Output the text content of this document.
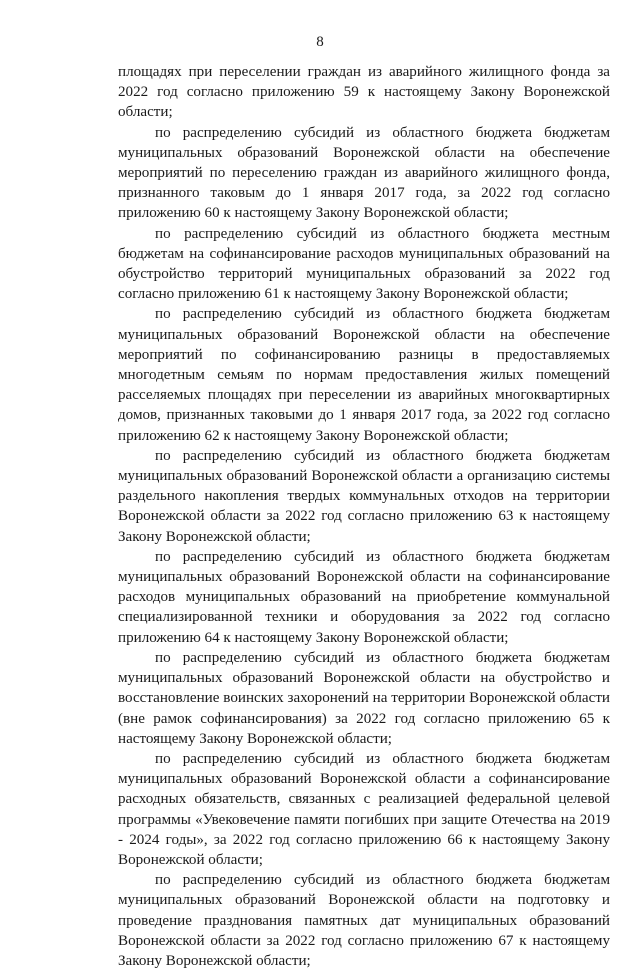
8

площадях при переселении граждан из аварийного жилищного фонда за 2022 год согласно приложению 59 к настоящему Закону Воронежской области;

по распределению субсидий из областного бюджета бюджетам муниципальных образований Воронежской области на обеспечение мероприятий по переселению граждан из аварийного жилищного фонда, признанного таковым до 1 января 2017 года, за 2022 год согласно приложению 60 к настоящему Закону Воронежской области;

по распределению субсидий из областного бюджета местным бюджетам на софинансирование расходов муниципальных образований на обустройство территорий муниципальных образований за 2022 год согласно приложению 61 к настоящему Закону Воронежской области;

по распределению субсидий из областного бюджета бюджетам муниципальных образований Воронежской области на обеспечение мероприятий по софинансированию разницы в предоставляемых многодетным семьям по нормам предоставления жилых помещений расселяемых площадях при переселении из аварийных многоквартирных домов, признанных таковыми до 1 января 2017 года, за 2022 год согласно приложению 62 к настоящему Закону Воронежской области;

по распределению субсидий из областного бюджета бюджетам муниципальных образований Воронежской области а организацию системы раздельного накопления твердых коммунальных отходов на территории Воронежской области за 2022 год согласно приложению 63 к настоящему Закону Воронежской области;

по распределению субсидий из областного бюджета бюджетам муниципальных образований Воронежской области на софинансирование расходов муниципальных образований на приобретение коммунальной специализированной техники и оборудования за 2022 год согласно приложению 64 к настоящему Закону Воронежской области;

по распределению субсидий из областного бюджета бюджетам муниципальных образований Воронежской области на обустройство и восстановление воинских захоронений на территории Воронежской области (вне рамок софинансирования) за 2022 год согласно приложению 65 к настоящему Закону Воронежской области;

по распределению субсидий из областного бюджета бюджетам муниципальных образований Воронежской области а софинансирование расходных обязательств, связанных с реализацией федеральной целевой программы «Увековечение памяти погибших при защите Отечества на 2019 - 2024 годы», за 2022 год согласно приложению 66 к настоящему Закону Воронежской области;

по распределению субсидий из областного бюджета бюджетам муниципальных образований Воронежской области на подготовку и проведение празднования памятных дат муниципальных образований Воронежской области за 2022 год согласно приложению 67 к настоящему Закону Воронежской области;
